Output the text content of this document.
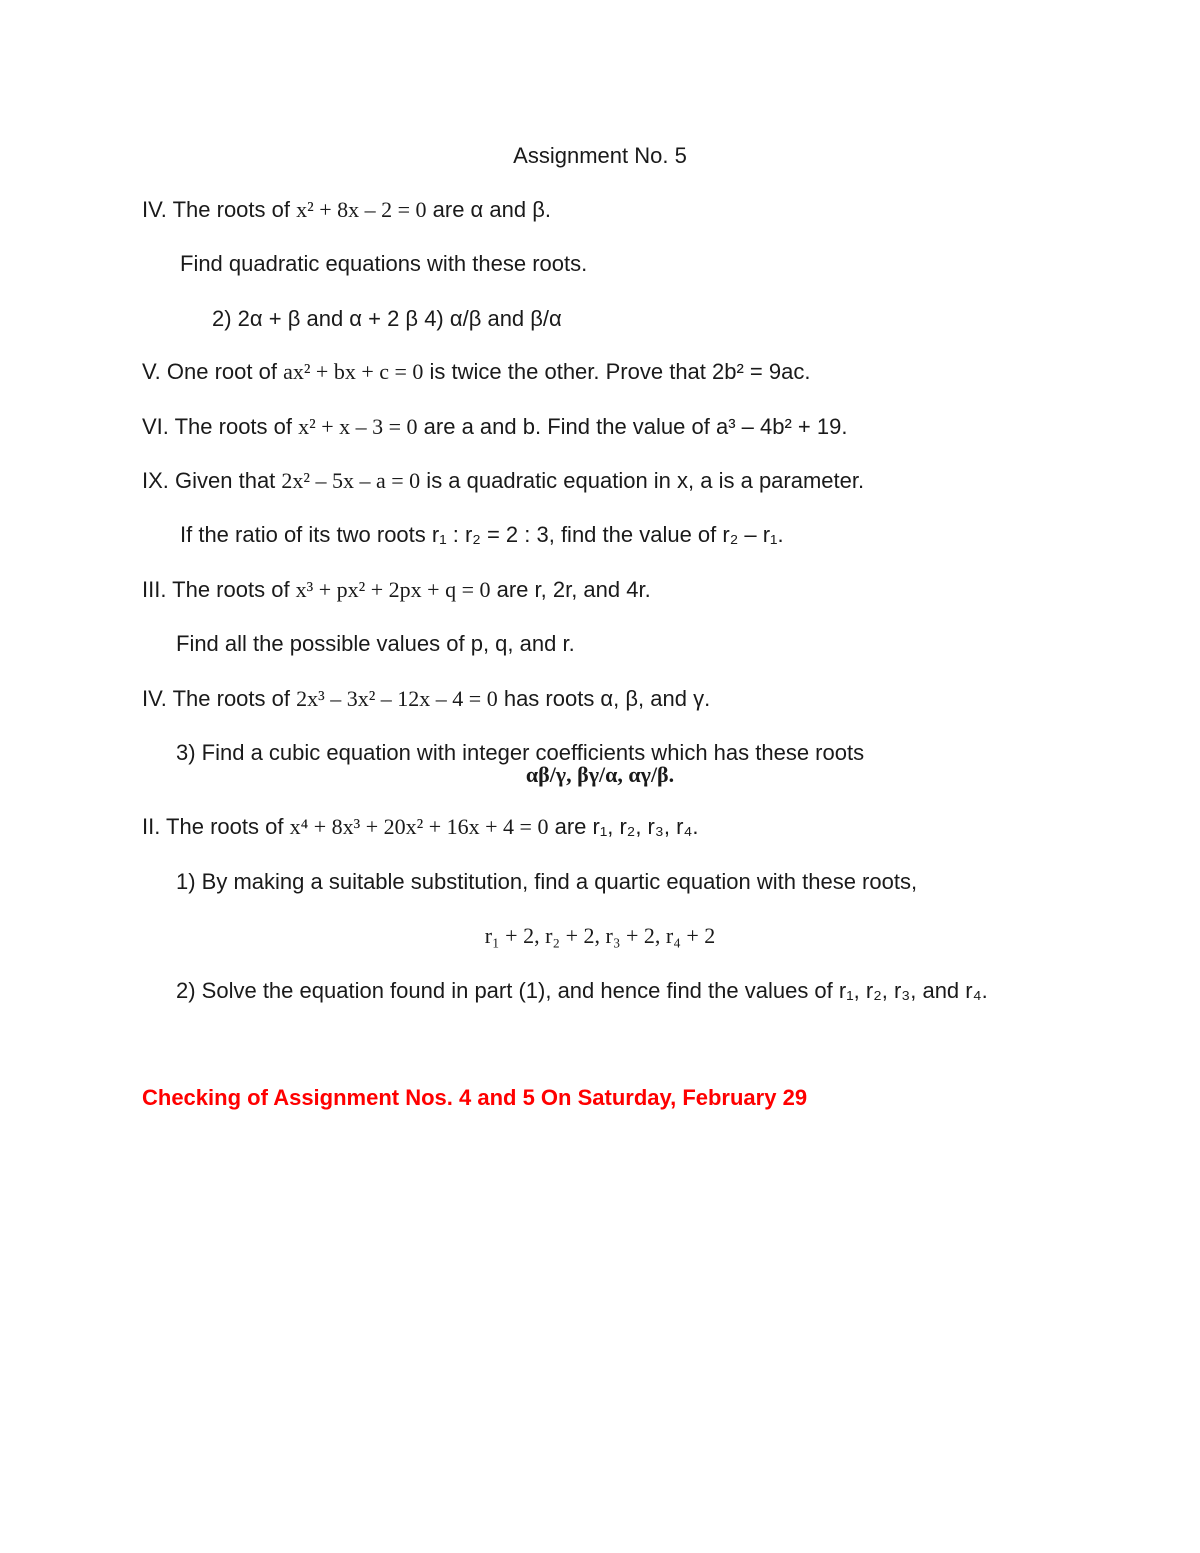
Assignment No. 5
IV. The roots of x² + 8x – 2 = 0 are α and β.
Find quadratic equations with these roots.
2) 2α + β and α + 2 β 4) α/β and β/α
V. One root of ax² + bx + c = 0 is twice the other. Prove that 2b² = 9ac.
VI. The roots of x² + x – 3 = 0 are a and b. Find the value of a³ – 4b² + 19.
IX. Given that 2x² – 5x – a = 0 is a quadratic equation in x, a is a parameter.
If the ratio of its two roots r₁ : r₂ = 2 : 3, find the value of r₂ – r₁.
III. The roots of x³ + px² + 2px + q = 0 are r, 2r, and 4r.
Find all the possible values of p, q, and r.
IV. The roots of 2x³ – 3x² – 12x – 4 = 0 has roots α, β, and γ.
3) Find a cubic equation with integer coefficients which has these roots
αβ/γ, βγ/α, αγ/β.
II. The roots of x⁴ + 8x³ + 20x² + 16x + 4 = 0 are r₁, r₂, r₃, r₄.
1) By making a suitable substitution, find a quartic equation with these roots,
r₁ + 2, r₂ + 2, r₃ + 2, r₄ + 2
2) Solve the equation found in part (1), and hence find the values of r₁, r₂, r₃, and r₄.
Checking of Assignment Nos. 4 and 5 On Saturday, February 29
